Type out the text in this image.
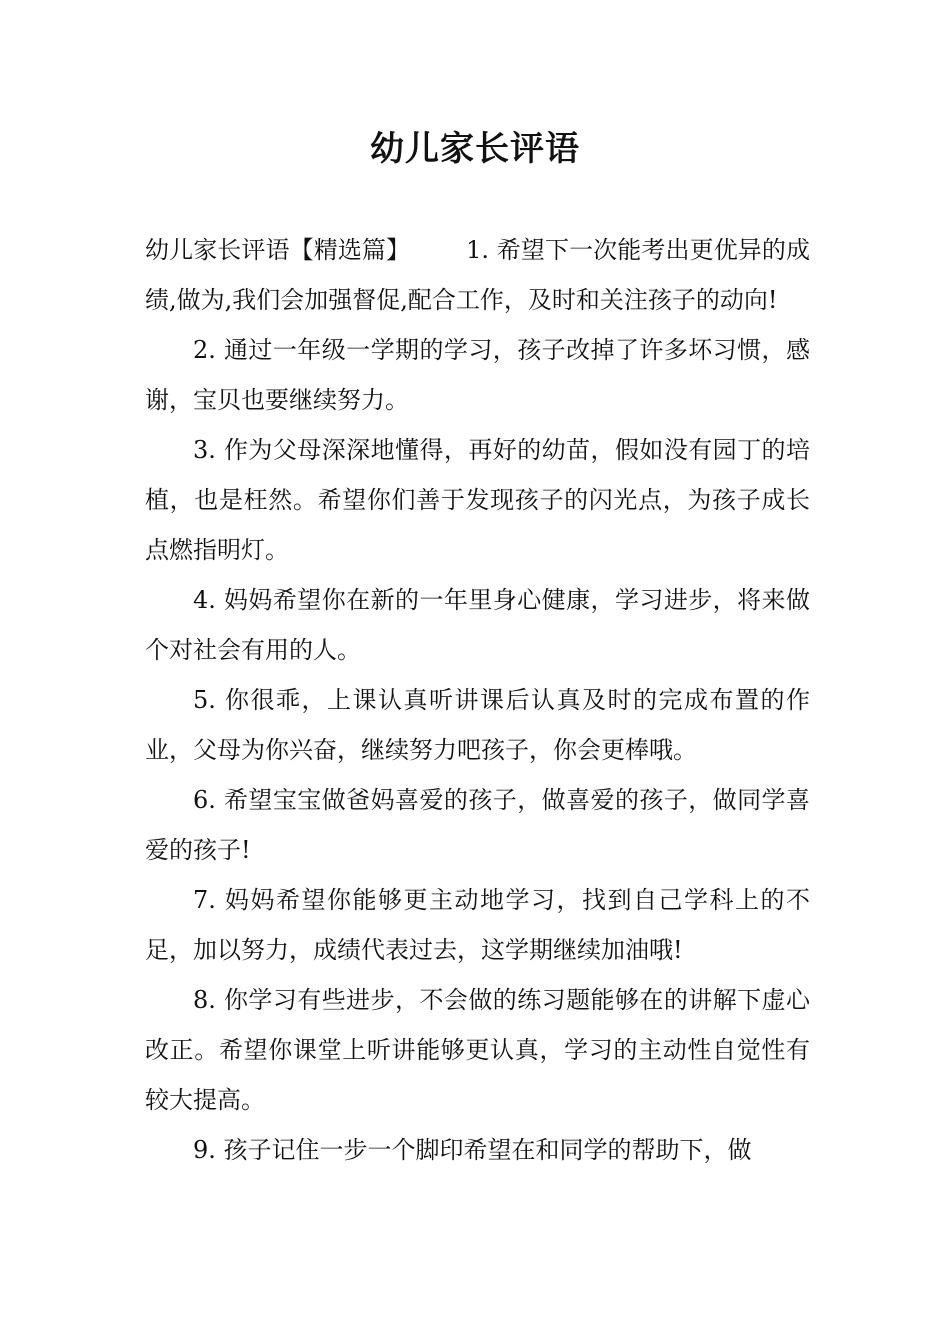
幼儿家长评语

幼儿家长评语【精选篇】 1. 希望下一次能考出更优异的成绩,做为,我们会加强督促,配合工作，及时和关注孩子的动向!

2. 通过一年级一学期的学习，孩子改掉了许多坏习惯，感谢，宝贝也要继续努力。

3. 作为父母深深地懂得，再好的幼苗，假如没有园丁的培植，也是枉然。希望你们善于发现孩子的闪光点，为孩子成长点燃指明灯。

4. 妈妈希望你在新的一年里身心健康，学习进步，将来做个对社会有用的人。

5. 你很乖，上课认真听讲课后认真及时的完成布置的作业，父母为你兴奋，继续努力吧孩子，你会更棒哦。

6. 希望宝宝做爸妈喜爱的孩子，做喜爱的孩子，做同学喜爱的孩子!

7. 妈妈希望你能够更主动地学习，找到自己学科上的不足，加以努力，成绩代表过去，这学期继续加油哦!

8. 你学习有些进步，不会做的练习题能够在的讲解下虚心改正。希望你课堂上听讲能够更认真，学习的主动性自觉性有较大提高。

9. 孩子记住一步一个脚印希望在和同学的帮助下，做
